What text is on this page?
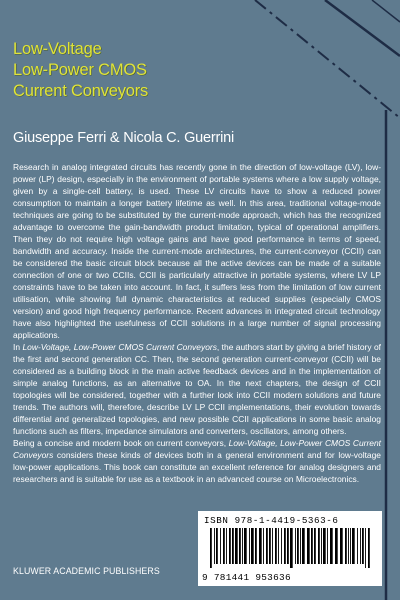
Low-Voltage
Low-Power CMOS
Current Conveyors

Giuseppe Ferri & Nicola C. Guerrini

Research in analog integrated circuits has recently gone in the direction of low-voltage (LV), low-power (LP) design, especially in the environment of portable systems where a low supply voltage, given by a single-cell battery, is used. These LV circuits have to show a reduced power consumption to maintain a longer battery lifetime as well. In this area, traditional voltage-mode techniques are going to be substituted by the current-mode approach, which has the recognized advantage to overcome the gain-bandwidth product limitation, typical of operational amplifiers. Then they do not require high voltage gains and have good performance in terms of speed, bandwidth and accuracy. Inside the current-mode architectures, the current-conveyor (CCII) can be considered the basic circuit block because all the active devices can be made of a suitable connection of one or two CCIIs. CCII is particularly attractive in portable systems, where LV LP constraints have to be taken into account. In fact, it suffers less from the limitation of low current utilisation, while showing full dynamic characteristics at reduced supplies (especially CMOS version) and good high frequency performance. Recent advances in integrated circuit technology have also highlighted the usefulness of CCII solutions in a large number of signal processing applications.

In Low-Voltage, Low-Power CMOS Current Conveyors, the authors start by giving a brief history of the first and second generation CC. Then, the second generation current-conveyor (CCII) will be considered as a building block in the main active feedback devices and in the implementation of simple analog functions, as an alternative to OA. In the next chapters, the design of CCII topologies will be considered, together with a further look into CCII modern solutions and future trends. The authors will, therefore, describe LV LP CCII implementations, their evolution towards differential and generalized topologies, and new possible CCII applications in some basic analog functions such as filters, impedance simulators and converters, oscillators, among others.

Being a concise and modern book on current conveyors, Low-Voltage, Low-Power CMOS Current Conveyors considers these kinds of devices both in a general environment and for low-voltage low-power applications. This book can constitute an excellent reference for analog designers and researchers and is suitable for use as a textbook in an advanced course on Microelectronics.

ISBN 978-1-4419-5363-6
9 781441 953636
KLUWER ACADEMIC PUBLISHERS
